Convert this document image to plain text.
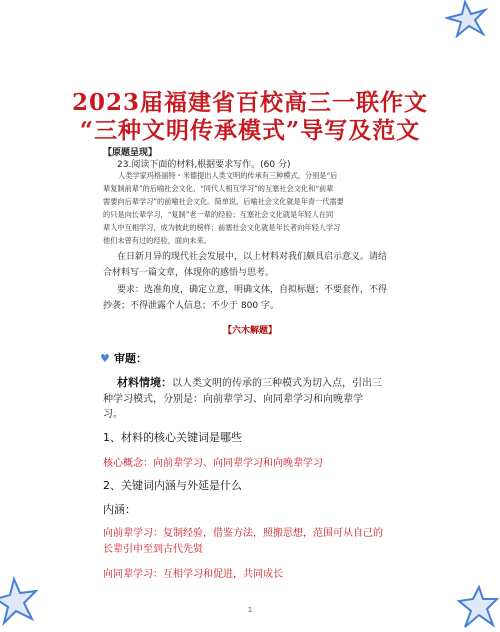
2023届福建省百校高三一联作文
“三种文明传承模式”导写及范文
【原题呈现】
23.阅读下面的材料,根据要求写作。(60 分)
人类学家玛格丽特・米德提出人类文明的传承有三种模式，分别是“后
辈复制前辈”的后喻社会文化、“同代人相互学习”的互塞社会文化和“前辈
需要向后辈学习”的前喻社会文化。简单说，后喻社会文化就是年青一代需要
的只是向长辈学习，“复制”老一辈的经验；互塞社会文化就是年轻人在同
辈人中互相学习，成为彼此的榜样；前塞社会文化就是年长者向年轻人学习
他们未曾有过的经验，面向未来。
在日新月异的现代社会发展中，以上材料对我们颇具启示意义。请结
合材料写一篇文章，体现你的感悟与思考。
要求：选准角度，确定立意，明确文体，自拟标题；不要套作，不得
抄袭；不得泄露个人信息；不少于 800 字。
【六木解题】
♥ 审题：
材料情境：以人类文明的传承的三种模式为切入点，引出三
种学习模式，分别是：向前辈学习、向同辈学习和向晚辈学
习。
1、材料的核心关键词是哪些
核心概念：向前辈学习、向同辈学习和向晚辈学习
2、关键词内涵与外延是什么
内涵：
向前辈学习：复制经验，借鉴方法，照搬思想，范围可从自己的
长辈引申至到古代先贤
向同辈学习：互相学习和促进，共同成长
1
